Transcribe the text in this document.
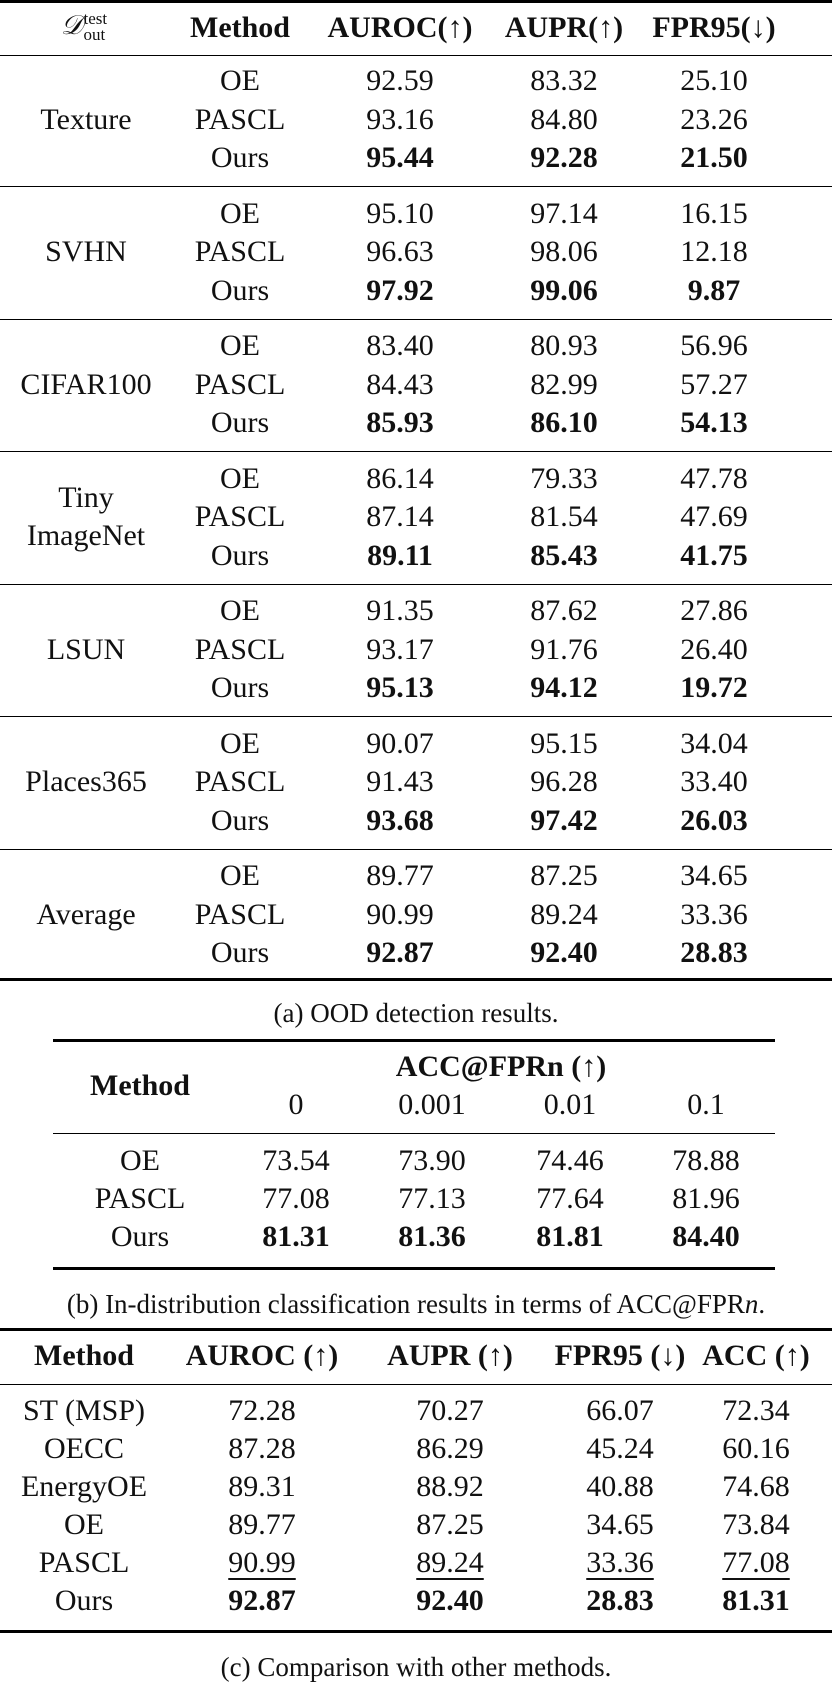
𝒟test
out	Method AUROC(↑) AUPR(↑) FPR95(↓)
Texture
OE	92.59	83.32	25.10
PASCL	93.16	84.80	23.26
Ours	95.44	92.28	21.50
SVHN
OE	95.10	97.14	16.15
PASCL	96.63	98.06	12.18
Ours	97.92	99.06	9.87
CIFAR100
OE	83.40	80.93	56.96
PASCL	84.43	82.99	57.27
Ours	85.93	86.10	54.13
Tiny
ImageNet
OE	86.14	79.33	47.78
PASCL	87.14	81.54	47.69
Ours	89.11	85.43	41.75
LSUN
OE	91.35	87.62	27.86
PASCL	93.17	91.76	26.40
Ours	95.13	94.12	19.72
Places365
OE	90.07	95.15	34.04
PASCL	91.43	96.28	33.40
Ours	93.68	97.42	26.03
Average
OE	89.77	87.25	34.65
PASCL	90.99	89.24	33.36
Ours	92.87	92.40	28.83
(a) OOD detection results.
Method
ACC@FPRn (↑)
0	0.001	0.01	0.1
OE	73.54 73.90 74.46 78.88
PASCL	77.08 77.13 77.64 81.96
Ours	81.31 81.36 81.81 84.40
(b) In-distribution classification results in terms of ACC@FPRn.
Method AUROC (↑) AUPR (↑) FPR95 (↓) ACC (↑)
ST (MSP)	72.28	70.27	66.07 72.34
OECC	87.28	86.29	45.24 60.16
EnergyOE	89.31	88.92	40.88 74.68
OE	89.77	87.25	34.65 73.84
PASCL	90.99	89.24	33.36 77.08
Ours	92.87	92.40	28.83 81.31
(c) Comparison with other methods.
